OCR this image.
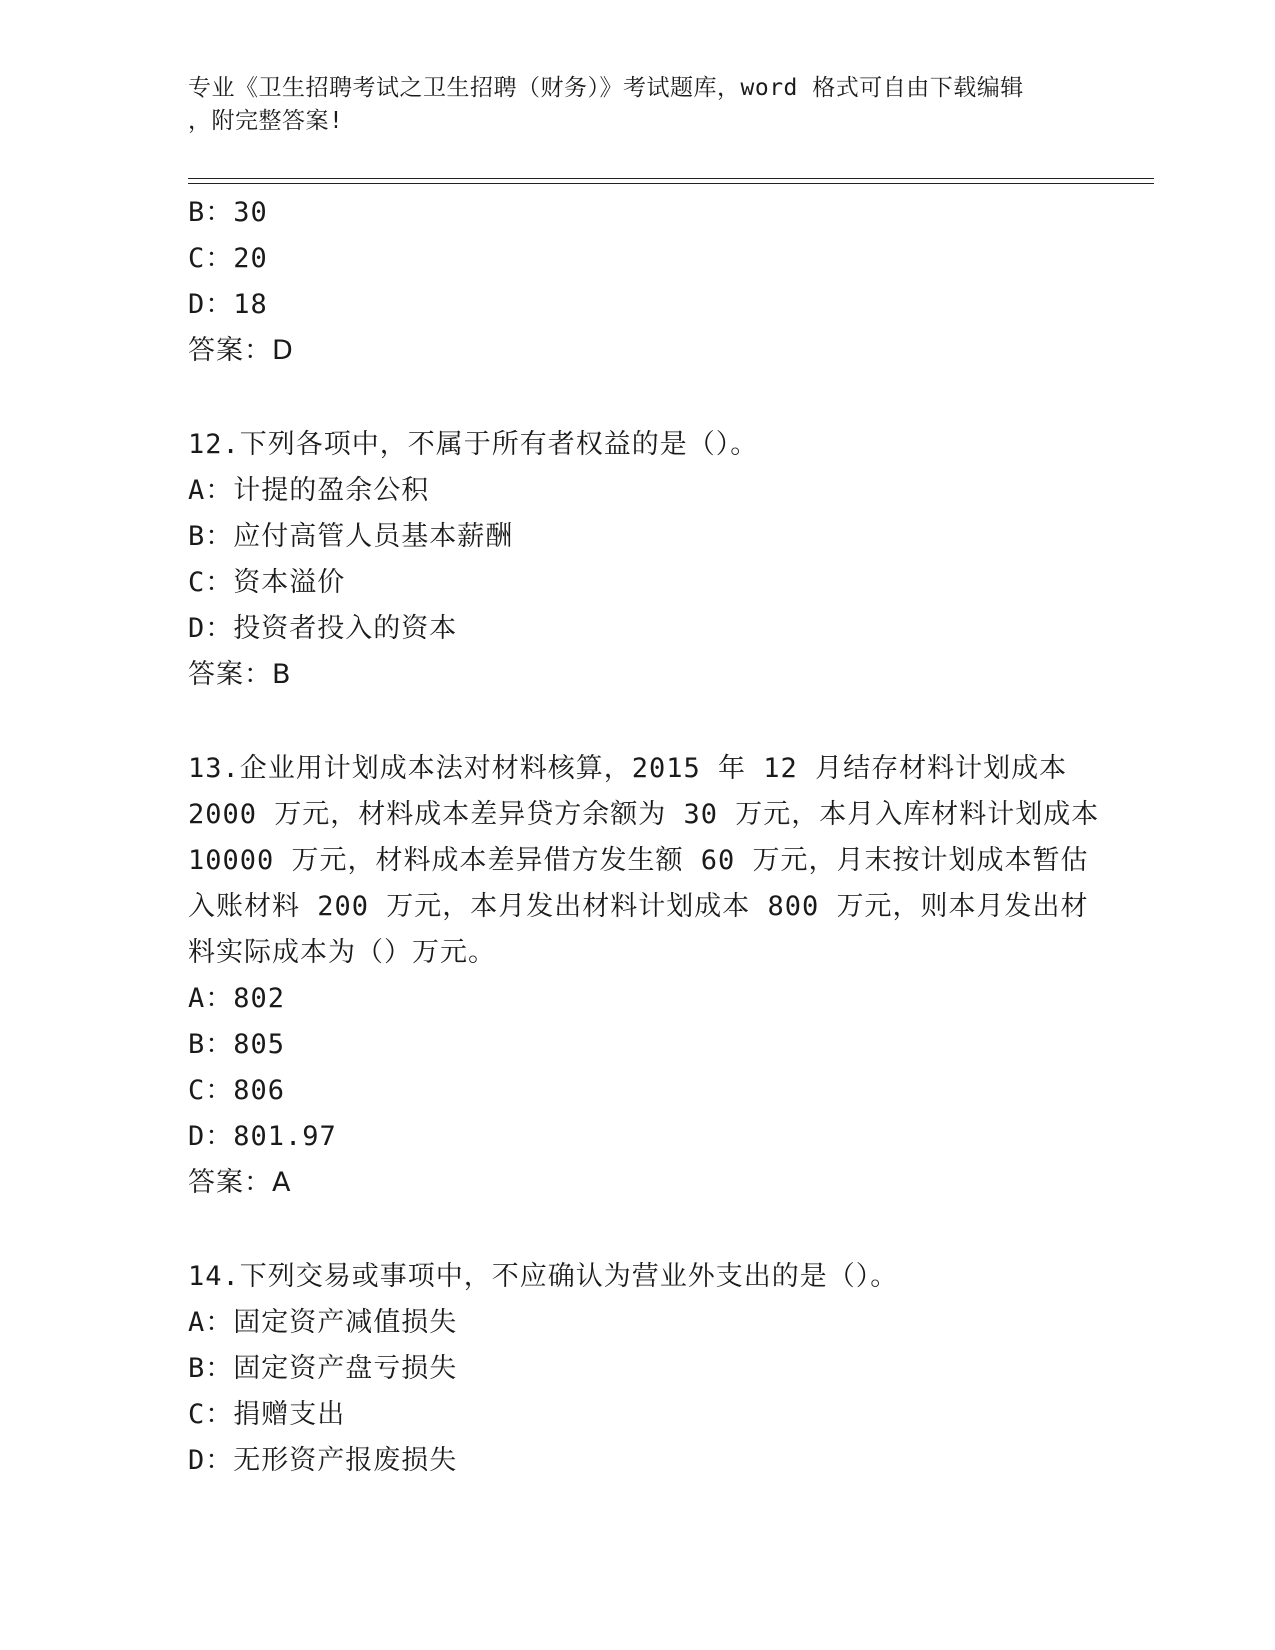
专业《卫生招聘考试之卫生招聘（财务）》考试题库，word 格式可自由下载编辑
，附完整答案!
B：30
C：20
D：18
答案：D
12.下列各项中，不属于所有者权益的是（）。
A：计提的盈余公积
B：应付高管人员基本薪酬
C：资本溢价
D：投资者投入的资本
答案：B
13.企业用计划成本法对材料核算，2015 年 12 月结存材料计划成本
2000 万元，材料成本差异贷方余额为 30 万元，本月入库材料计划成本
10000 万元，材料成本差异借方发生额 60 万元，月末按计划成本暂估
入账材料 200 万元，本月发出材料计划成本 800 万元，则本月发出材
料实际成本为（）万元。
A：802
B：805
C：806
D：801.97
答案：A
14.下列交易或事项中，不应确认为营业外支出的是（）。
A：固定资产减值损失
B：固定资产盘亏损失
C：捐赠支出
D：无形资产报废损失
